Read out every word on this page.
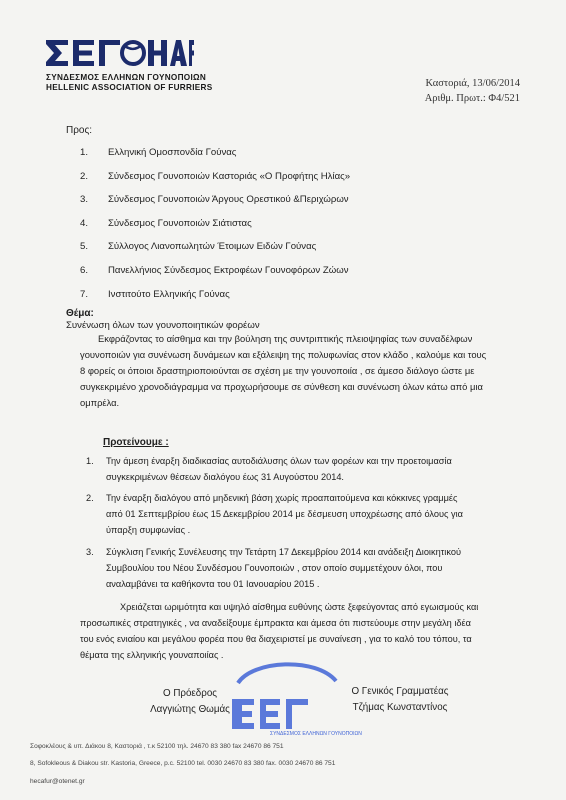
ΣΥΝΔΕΣΜΟΣ ΕΛΛΗΝΩΝ ΓΟΥΝΟΠΟΙΩΝ
HELLENIC ASSOCIATION OF FURRIERS	Καστοριά, 13/06/2014
Αριθμ. Πρωτ.: Φ4/521
Προς:
1. Ελληνική Ομοσπονδία Γούνας
2. Σύνδεσμος Γουνοποιών Καστοριάς «Ο Προφήτης Ηλίας»
3. Σύνδεσμος Γουνοποιών Άργους Ορεστικού &Περιχώρων
4. Σύνδεσμος Γουνοποιών Σιάτιστας
5. Σύλλογος Λιανοπωλητών Έτοιμων Ειδών Γούνας
6. Πανελλήνιος Σύνδεσμος Εκτροφέων Γουνοφόρων Ζώων
7. Ινστιτούτο Ελληνικής Γούνας
Θέμα:
Συνένωση όλων των γουνοποιητικών φορέων
Εκφράζοντας το αίσθημα και την βούληση της συντριπτικής πλειοψηφίας των συναδέλφων
γουνοποιών για συνένωση δυνάμεων και εξάλειψη της πολυφωνίας στον κλάδο , καλούμε και τους
8 φορείς οι όποιοι δραστηριοποιούνται σε σχέση με την γουνοποιία , σε άμεσο διάλογο ώστε με
συγκεκριμένο χρονοδιάγραμμα να προχωρήσουμε σε σύνθεση και συνένωση όλων κάτω από μια
ομπρέλα.
Προτείνουμε :
1. Την άμεση έναρξη διαδικασίας αυτοδιάλυσης όλων των φορέων και την προετοιμασία
συγκεκριμένων θέσεων διαλόγου έως 31 Αυγούστου 2014.
2. Την έναρξη διαλόγου από μηδενική βάση χωρίς προαπαιτούμενα και κόκκινες γραμμές
από 01 Σεπτεμβρίου έως 15 Δεκεμβρίου 2014 με δέσμευση υποχρέωσης από όλους για
ύπαρξη συμφωνίας .
3. Σύγκλιση Γενικής Συνέλευσης την Τετάρτη 17 Δεκεμβρίου 2014 και ανάδειξη Διοικητικού
Συμβουλίου του Νέου Συνδέσμου Γουνοποιών , στον οποίο συμμετέχουν όλοι, που
αναλαμβάνει τα καθήκοντα του 01 Ιανουαρίου 2015 .
Χρειάζεται ωριμότητα και υψηλό αίσθημα ευθύνης ώστε ξεφεύγοντας από εγωισμούς και
προσωπικές στρατηγικές , να αναδείξουμε έμπρακτα και άμεσα ότι πιστεύουμε στην μεγάλη ιδέα
του ενός ενιαίου και μεγάλου φορέα που θα διαχειριστεί με συναίνεση , για το καλό του τόπου, τα
θέματα της ελληνικής γουναποιίας .
ΣΥΝΔΕΣΜΟΣ ΕΛΛΗΝΩΝ ΓΟΥΝΟΠΟΙΩΝ
Ο Πρόεδρος
Λαγγιώτης Θωμάς
Ο Γενικός Γραμματέας
Τζήμας Κωνσταντίνος
Σοφοκλέους & υπ. Διάκου 8, Καστοριά , τ.κ 52100 τηλ. 24670 83 380 fax 24670 86 751
8, Sofokleous & Diakou str. Kastoria, Greece, p.c. 52100 tel. 0030 24670 83 380 fax. 0030 24670 86 751
hecafur@otenet.gr
